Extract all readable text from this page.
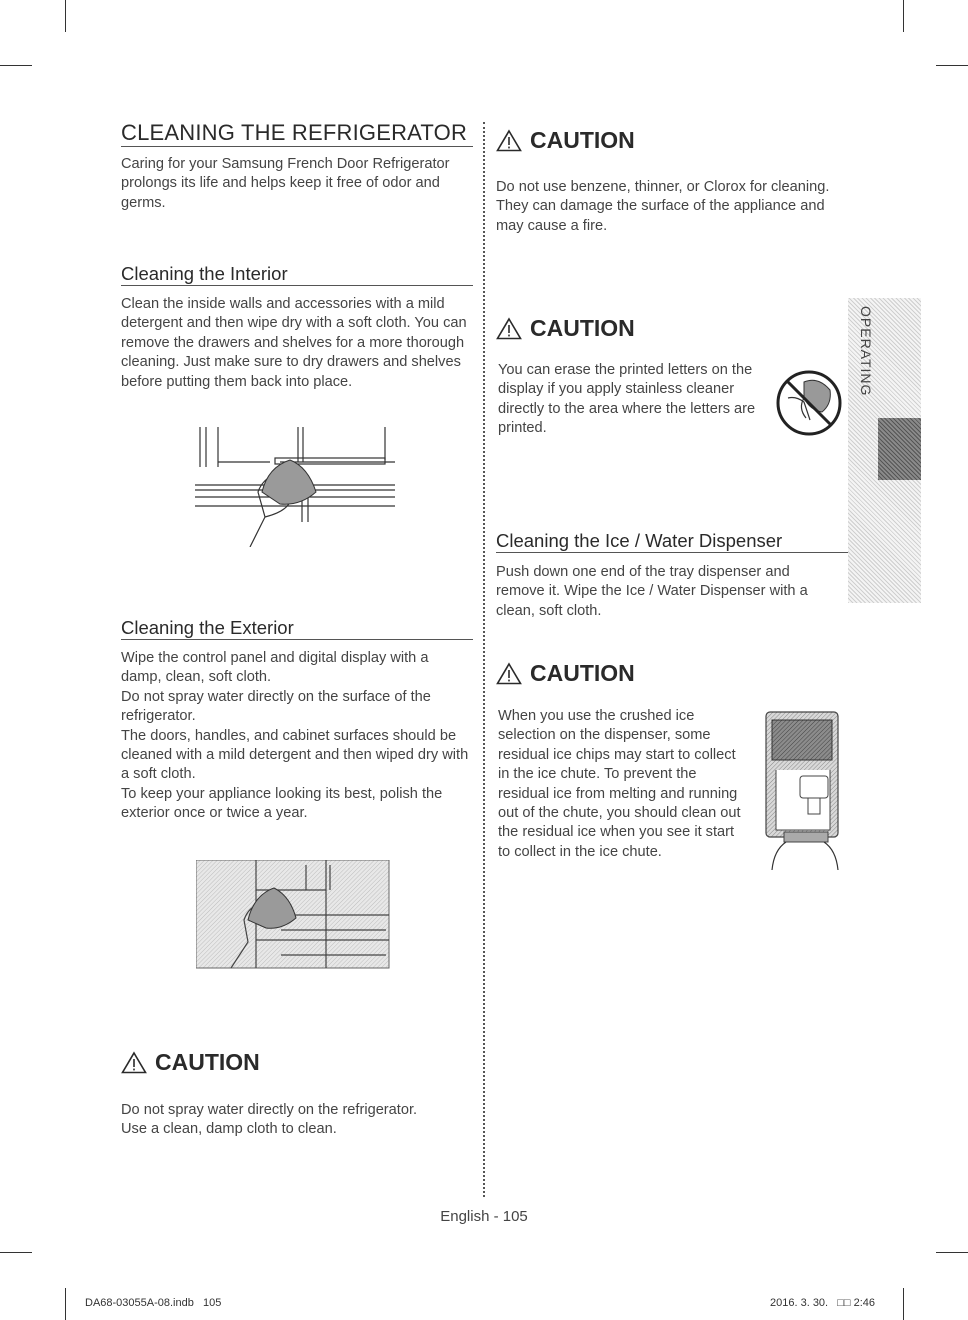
CLEANING THE REFRIGERATOR
Caring for your Samsung French Door Refrigerator prolongs its life and helps keep it free of odor and germs.
Cleaning the Interior
Clean the inside walls and accessories with a mild detergent and then wipe dry with a soft cloth. You can remove the drawers and shelves for a more thorough cleaning. Just make sure to dry drawers and shelves before putting them back into place.
Cleaning the Exterior

Wipe the control panel and digital display with a damp, clean, soft cloth.

Do not spray water directly on the surface of the refrigerator.

The doors, handles, and cabinet surfaces should be cleaned with a mild detergent and then wiped dry with a soft cloth.

To keep your appliance looking its best, polish the exterior once or twice a year.

CAUTION

Do not spray water directly on the refrigerator.

Use a clean, damp cloth to clean.

CAUTION

Do not use benzene, thinner, or Clorox for cleaning.

They can damage the surface of the appliance and may cause a fire.

CAUTION
You can erase the printed letters on the display if you apply stainless cleaner directly to the area where the letters are printed.
Cleaning the Ice / Water Dispenser
Push down one end of the tray dispenser and remove it. Wipe the Ice / Water Dispenser with a clean, soft cloth.
CAUTION
When you use the crushed ice selection on the dispenser, some residual ice chips may start to collect in the ice chute. To prevent the residual ice from melting and running out of the chute, you should clean out the residual ice when you see it start to collect in the ice chute.
OPERATING
English - 105
DA68-03055A-08.indb   105	2016. 3. 30.   □□ 2:46
